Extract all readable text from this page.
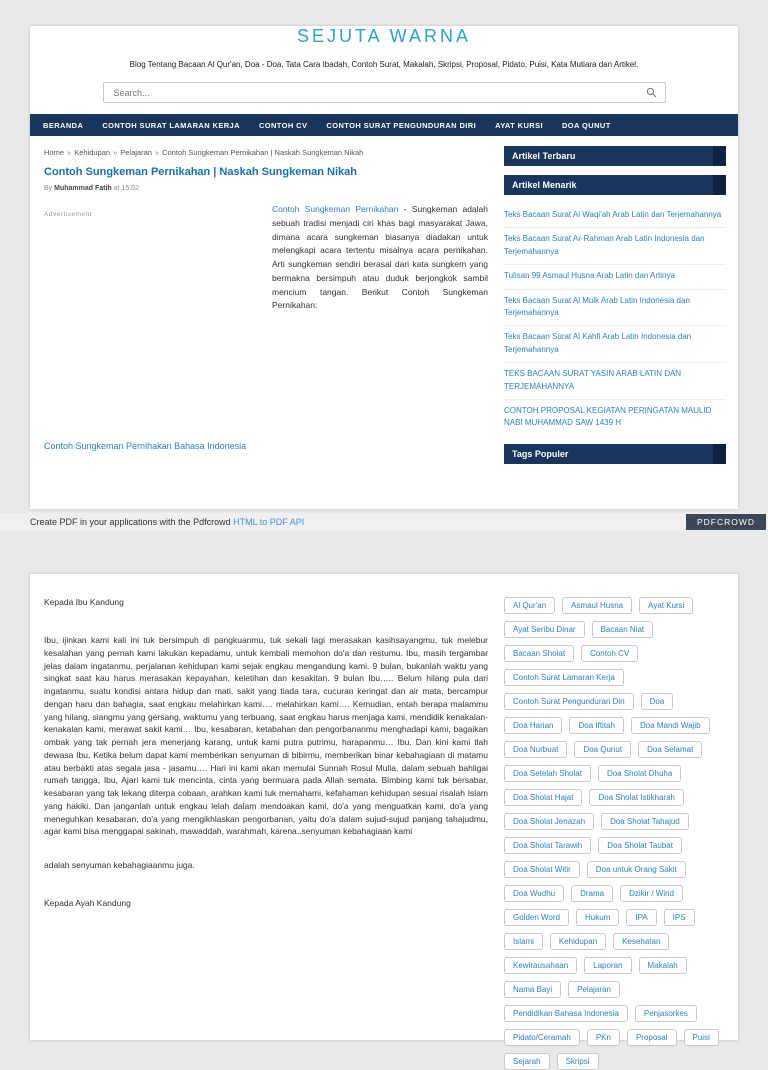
SEJUTA WARNA

Blog Tentang Bacaan Al Qur'an, Doa - Doa, Tata Cara Ibadah, Contoh Surat, Makalah, Skripsi, Proposal, Pidato, Puisi, Kata Mutiara dan Artikel.

Search...
BERANDA	CONTOH SURAT LAMARAN KERJA	CONTOH CV	CONTOH SURAT PENGUNDURAN DIRI	AYAT KURSI	DOA QUNUT
Home » Kehidupan » Pelajaran » Contoh Sungkeman Pernikahan | Naskah Sungkeman Nikah
Contoh Sungkeman Pernikahan | Naskah Sungkeman Nikah
By Muhammad Fatih at 15.02
Advertisement

Contoh Sungkeman Pernikahan - Sungkeman adalah sebuah tradisi menjadi ciri khas bagi masyarakat Jawa, dimana acara sungkeman biasanya diadakan untuk melengkapi acara tertentu misalnya acara pernikahan. Arti sungkeman sendiri berasal dari kata sungkem yang bermakna bersimpuh atau duduk berjongkok sambil mencium tangan. Berikut Contoh Sungkeman Pernikahan:

Contoh Sungkeman Pernihakan Bahasa Indonesia
Artikel Terbaru
Artikel Menarik
Teks Bacaan Surat Al Waqi'ah Arab Latin dan Terjemahannya
Teks Bacaan Surat Ar-Rahman Arab Latin Indonesia dan Terjemahannya
Tulisan 99 Asmaul Husna Arab Latin dan Artinya
Teks Bacaan Surat Al Mulk Arab Latin Indonesia dan Terjemahannya
Teks Bacaan Surat Al Kahfi Arab Latin Indonesia dan Terjemahannya
TEKS BACAAN SURAT YASIN ARAB LATIN DAN TERJEMAHANNYA
CONTOH PROPOSAL KEGIATAN PERINGATAN MAULID NABI MUHAMMAD SAW 1439 H
Tags Populer
Create PDF in your applications with the Pdfcrowd HTML to PDF API	PDFCROWD

Kepada Ibu Kandung

Ibu, ijinkan kami kali ini tuk bersimpuh di pangkuanmu, tuk sekali lagi merasakan kasihsayangmu, tuk melebur kesalahan yang pernah kami lakukan kepadamu, untuk kembali memohon do'a dan restumu. Ibu, masih tergambar jelas dalam ingatanmu, perjalanan kehidupan kami sejak engkau mengandung kami. 9 bulan, bukanlah waktu yang singkat saat kau harus merasakan kepayahan, keletihan dan kesakitan. 9 bulan Ibu….. Belum hilang pula dari ingatanmu, suatu kondisi antara hidup dan mati, sakit yang tiada tara, cucuran keringat dan air mata, bercampur dengan haru dan bahagia, saat engkau melahirkan kami…. melahirkan kami…. Kemudian, entah berapa malammu yang hilang, siangmu yang gersang, waktumu yang terbuang, saat engkau harus menjaga kami, mendidik kenakalan- kenakalan kami, merawat sakit kami… Ibu, kesabaran, ketabahan dan pengorbananmu menghadapi kami, bagaikan ombak yang tak pernah jera menerjang karang, untuk kami putra putrimu, harapanmu… Ibu. Dan kini kami tlah dewasa Ibu, Ketika belum dapat kami memberikan senyuman di bibirmu, memberikan binar kebahagiaan di matamu atau berbakti atas segala jasa - jasamu…. Hari ini kami akan memulai Sunnah Rosul Mulia, dalam sebuah bahligai rumah tangga, Ibu, Ajari kami tuk mencinta, cinta yang bermuara pada Allah semata. Bimbing kami tuk bersabar, kesabaran yang tak lekang diterpa cobaan, arahkan kami tuk memahami, kefahaman kehidupan sesuai risalah Islam yang hakiki. Dan janganlah untuk engkau lelah dalam mendoakan kami, do'a yang menguatkan kami, do'a yang meneguhkan kesabaran, do'a yang mengikhlaskan pengorbanan, yaitu do'a dalam sujud-sujud panjang tahajudmu, agar kami bisa menggapai sakinah, mawaddah, warahmah, karena..senyuman kebahagiaan kami

adalah senyuman kebahagiaanmu juga.

Kepada Ayah Kandung

Al Qur'an	Asmaul Husna	Ayat Kursi
Ayat Seribu Dinar	Bacaan Niat
Bacaan Sholat	Contoh CV
Contoh Surat Lamaran Kerja
Contoh Surat Pengunduran Diri	Doa
Doa Harian	Doa Iftitah	Doa Mandi Wajib
Doa Nurbuat	Doa Qunut	Doa Selamat
Doa Setelah Sholat	Doa Sholat Dhuha
Doa Sholat Hajat	Doa Sholat Istikharah
Doa Sholat Jenazah	Doa Sholat Tahajud
Doa Sholat Tarawih	Doa Sholat Taubat
Doa Sholat Witir	Doa untuk Orang Sakit
Doa Wudhu	Drama	Dzikir / Wirid
Golden Word	Hukum	IPA	IPS
Islami	Kehidupan	Kesehatan
Kewirausahaan	Laporan	Makalah
Nama Bayi	Pelajaran
Pendidikan Bahasa Indonesia	Penjasorkes
Pidato/Ceramah	PKn	Proposal	Puisi
Sejarah	Skripsi
